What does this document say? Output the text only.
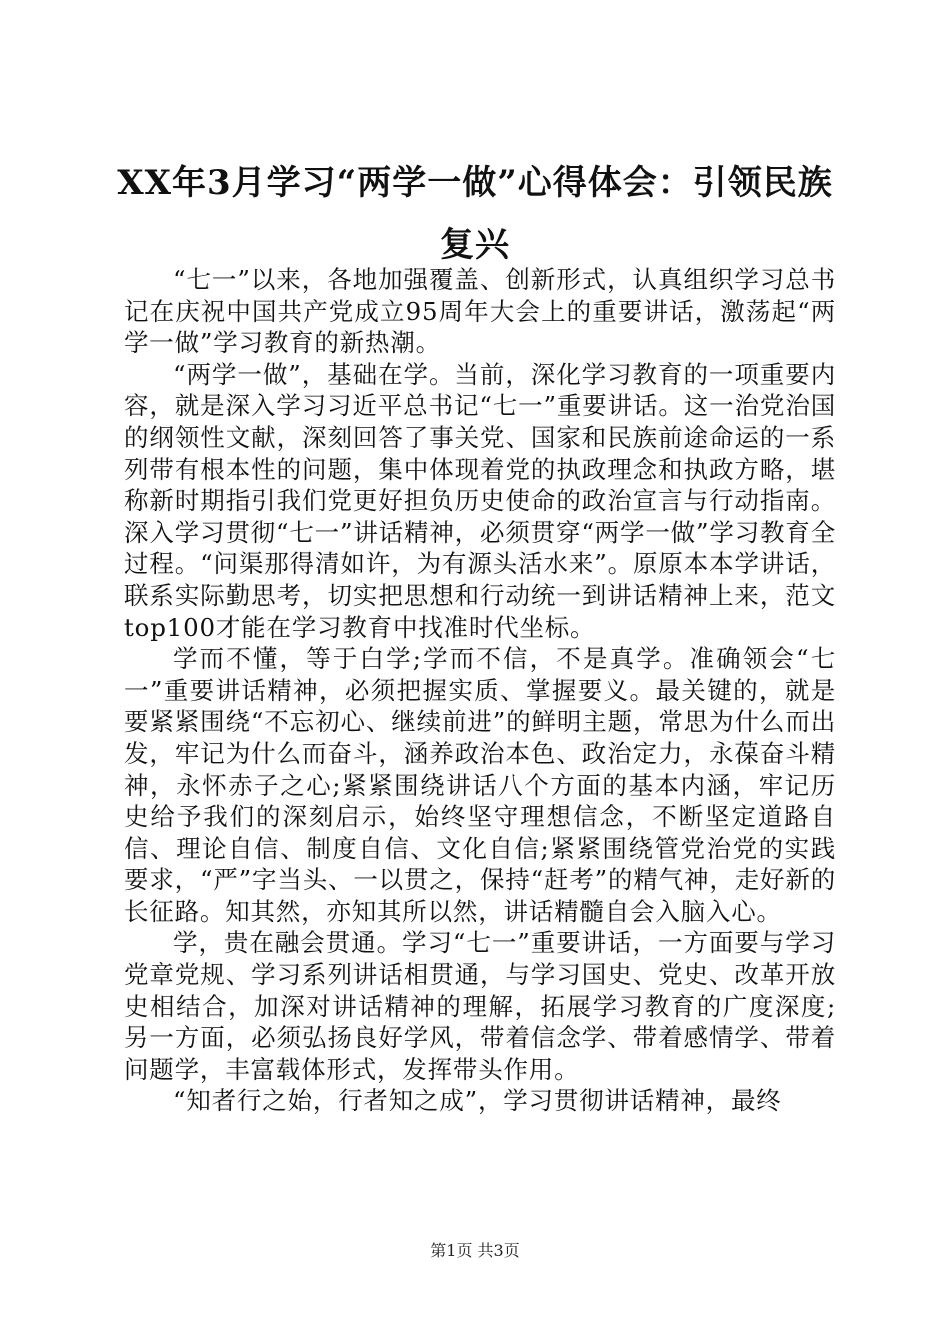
XX年3月学习“两学一做”心得体会：引领民族复兴

“七一”以来，各地加强覆盖、创新形式，认真组织学习总书记在庆祝中国共产党成立95周年大会上的重要讲话，激荡起“两学一做”学习教育的新热潮。

“两学一做”，基础在学。当前，深化学习教育的一项重要内容，就是深入学习习近平总书记“七一”重要讲话。这一治党治国的纲领性文献，深刻回答了事关党、国家和民族前途命运的一系列带有根本性的问题，集中体现着党的执政理念和执政方略，堪称新时期指引我们党更好担负历史使命的政治宣言与行动指南。深入学习贯彻“七一”讲话精神，必须贯穿“两学一做”学习教育全过程。“问渠那得清如许，为有源头活水来”。原原本本学讲话，联系实际勤思考，切实把思想和行动统一到讲话精神上来，范文top100才能在学习教育中找准时代坐标。

学而不懂，等于白学;学而不信，不是真学。准确领会“七一”重要讲话精神，必须把握实质、掌握要义。最关键的，就是要紧紧围绕“不忘初心、继续前进”的鲜明主题，常思为什么而出发，牢记为什么而奋斗，涵养政治本色、政治定力，永葆奋斗精神，永怀赤子之心;紧紧围绕讲话八个方面的基本内涵，牢记历史给予我们的深刻启示，始终坚守理想信念，不断坚定道路自信、理论自信、制度自信、文化自信;紧紧围绕管党治党的实践要求，“严”字当头、一以贯之，保持“赶考”的精气神，走好新的长征路。知其然，亦知其所以然，讲话精髓自会入脑入心。

学，贵在融会贯通。学习“七一”重要讲话，一方面要与学习党章党规、学习系列讲话相贯通，与学习国史、党史、改革开放史相结合，加深对讲话精神的理解，拓展学习教育的广度深度;另一方面，必须弘扬良好学风，带着信念学、带着感情学、带着问题学，丰富载体形式，发挥带头作用。

“知者行之始，行者知之成”，学习贯彻讲话精神，最终

第1页 共3页
